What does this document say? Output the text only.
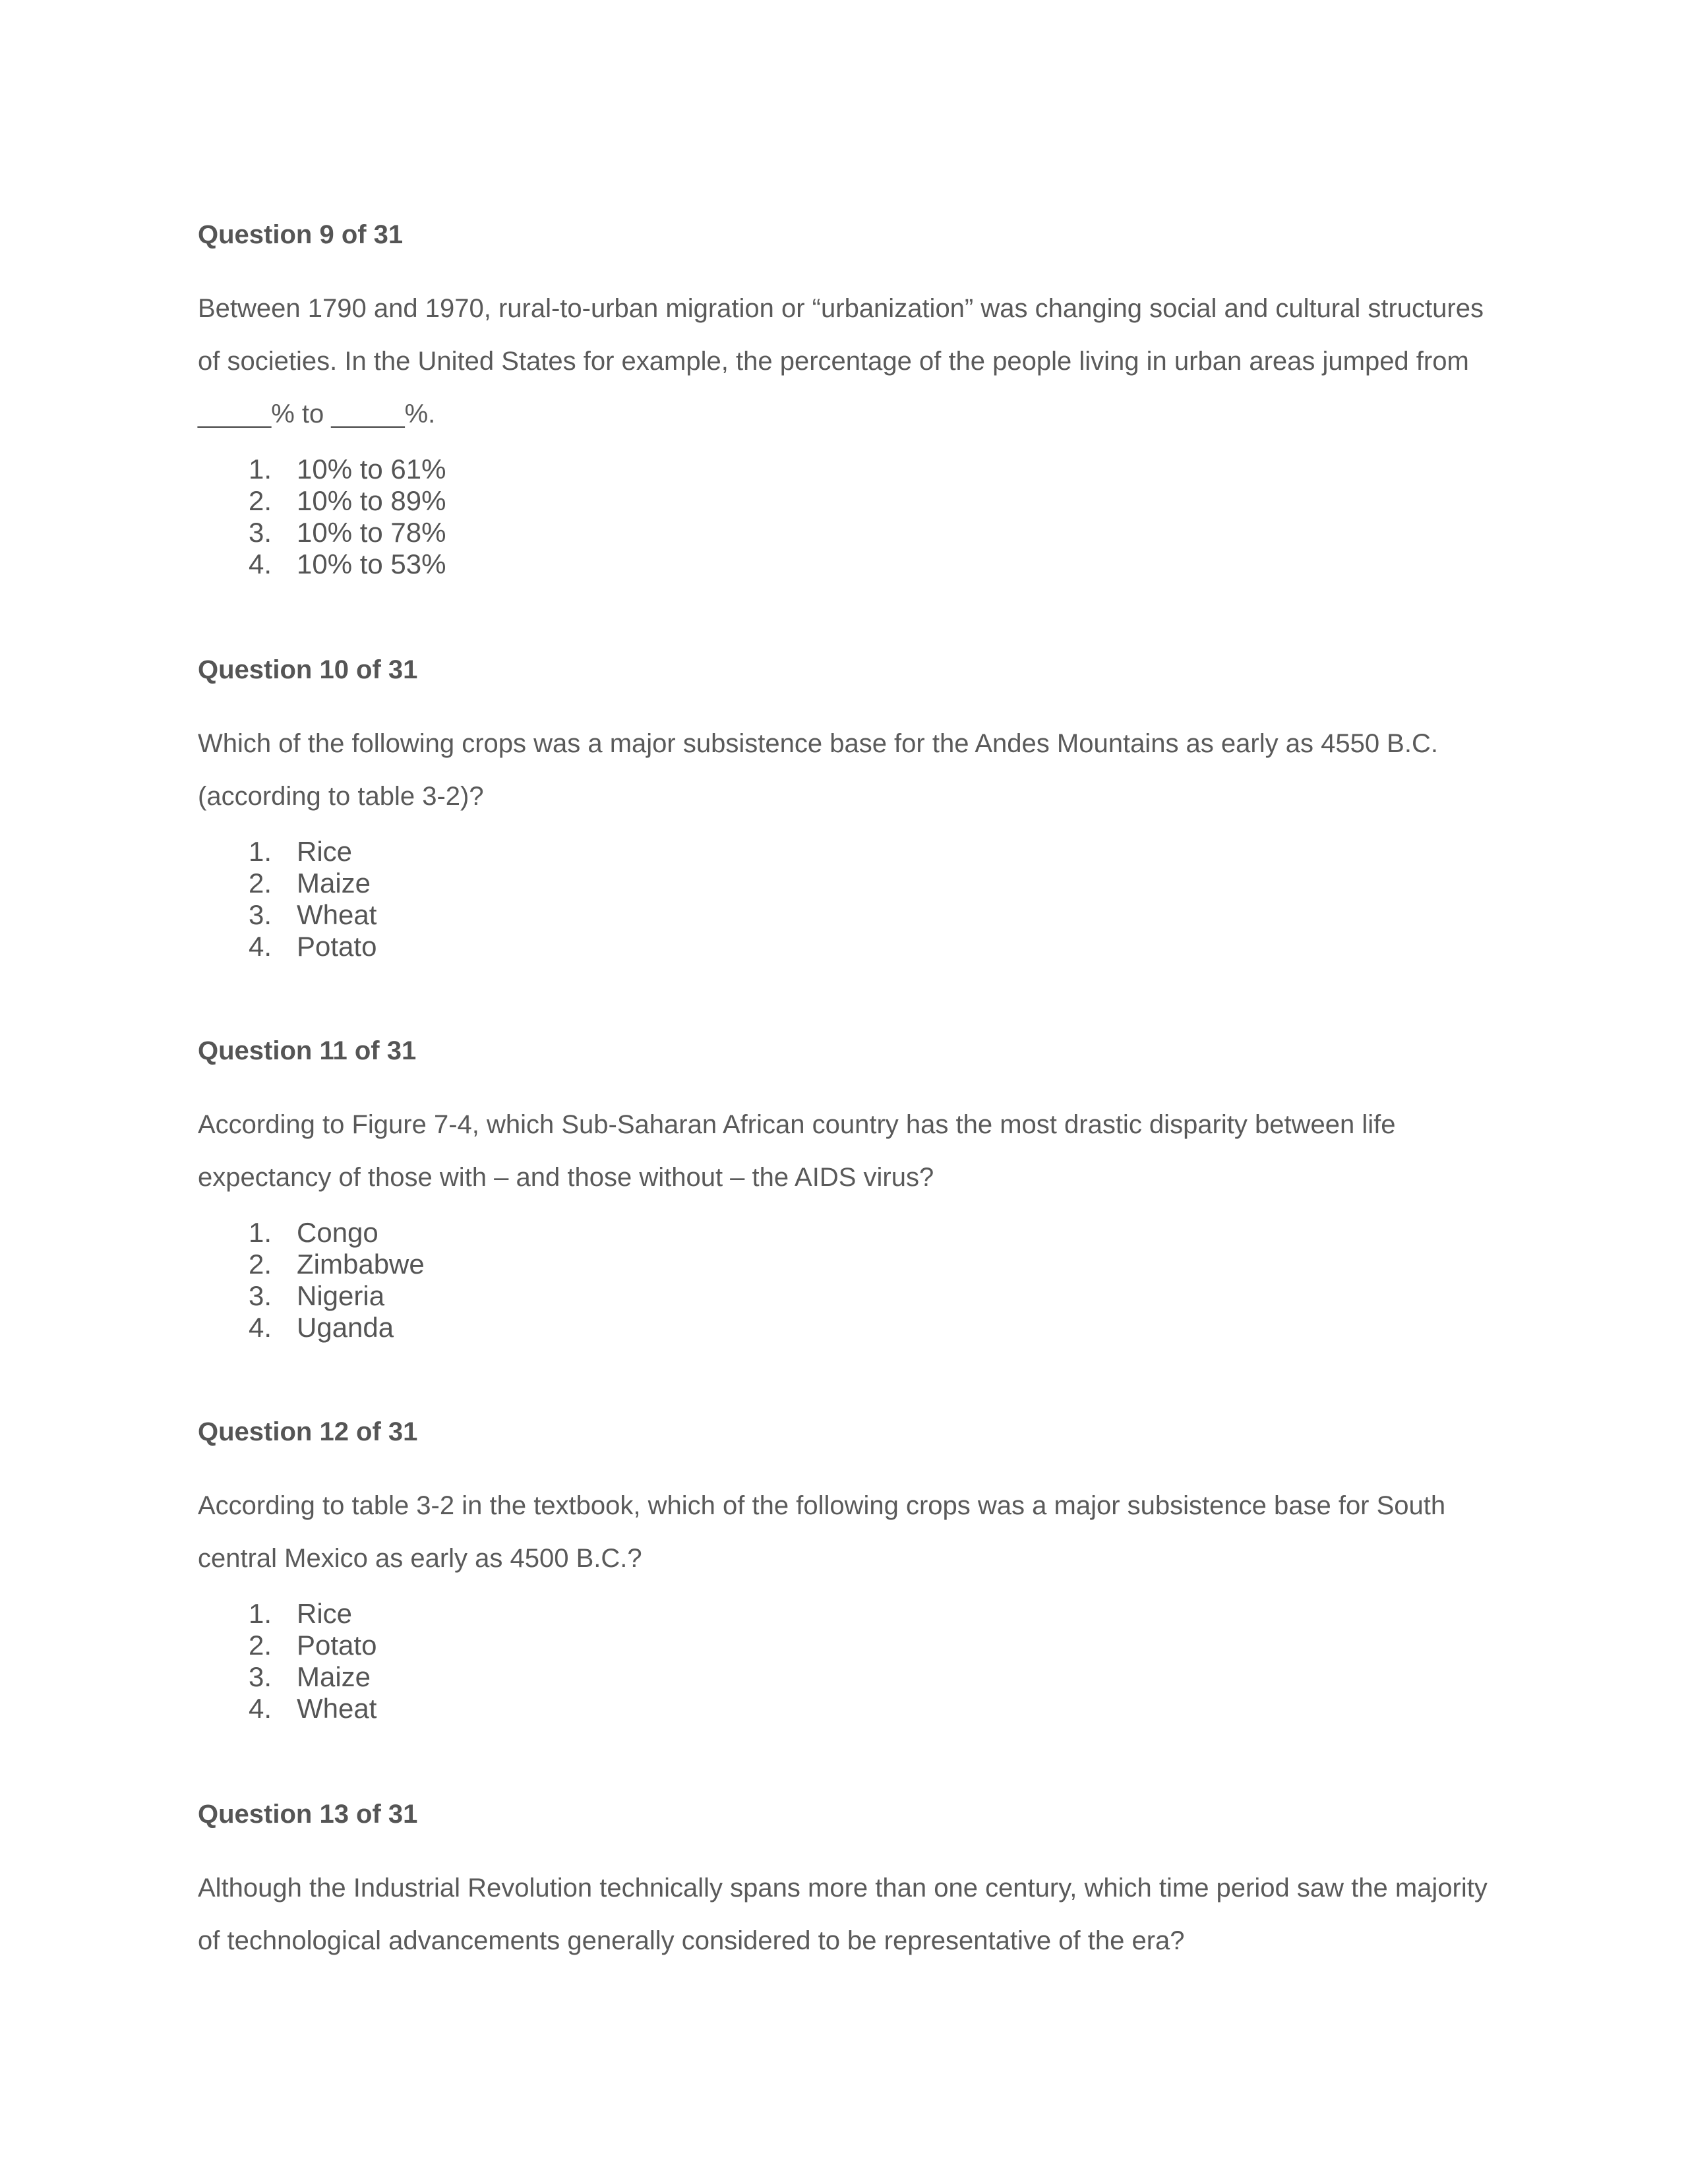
Question 9 of 31

Between 1790 and 1970, rural-to-urban migration or “urbanization” was changing social and cultural structures of societies. In the United States for example, the percentage of the people living in urban areas jumped from _____% to _____%.

1. 10% to 61%
2. 10% to 89%
3. 10% to 78%
4. 10% to 53%
Question 10 of 31

Which of the following crops was a major subsistence base for the Andes Mountains as early as 4550 B.C. (according to table 3-2)?

1. Rice
2. Maize
3. Wheat
4. Potato
Question 11 of 31

According to Figure 7-4, which Sub-Saharan African country has the most drastic disparity between life expectancy of those with – and those without – the AIDS virus?

1. Congo
2. Zimbabwe
3. Nigeria
4. Uganda
Question 12 of 31

According to table 3-2 in the textbook, which of the following crops was a major subsistence base for South central Mexico as early as 4500 B.C.?

1. Rice
2. Potato
3. Maize
4. Wheat
Question 13 of 31

Although the Industrial Revolution technically spans more than one century, which time period saw the majority of technological advancements generally considered to be representative of the era?
